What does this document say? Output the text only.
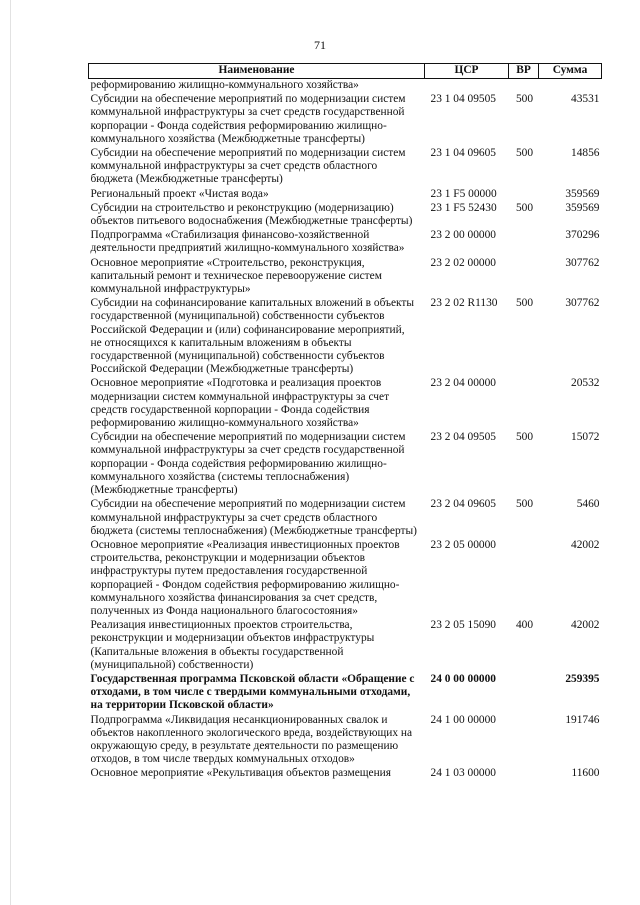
71
Наименование	ЦСР	ВР	Сумма
реформированию жилищно-коммунального хозяйства»			
Субсидии на обеспечение мероприятий по модернизации систем коммунальной инфраструктуры за счет средств государственной корпорации - Фонда содействия реформированию жилищно-коммунального хозяйства (Межбюджетные трансферты)	23 1 04 09505	500	43531
Субсидии на обеспечение мероприятий по модернизации систем коммунальной инфраструктуры за счет средств областного бюджета (Межбюджетные трансферты)	23 1 04 09605	500	14856
Региональный проект «Чистая вода»	23 1 F5 00000		359569
Субсидии на строительство и реконструкцию (модернизацию) объектов питьевого водоснабжения (Межбюджетные трансферты)	23 1 F5 52430	500	359569
Подпрограмма «Стабилизация финансово-хозяйственной деятельности предприятий жилищно-коммунального хозяйства»	23 2 00 00000		370296
Основное мероприятие «Строительство, реконструкция, капитальный ремонт и техническое перевооружение систем коммунальной инфраструктуры»	23 2 02 00000		307762
Субсидии на софинансирование капитальных вложений в объекты государственной (муниципальной) собственности субъектов Российской Федерации и (или) софинансирование мероприятий, не относящихся к капитальным вложениям в объекты государственной (муниципальной) собственности субъектов Российской Федерации (Межбюджетные трансферты)	23 2 02 R1130	500	307762
Основное мероприятие «Подготовка и реализация проектов модернизации систем коммунальной инфраструктуры за счет средств государственной корпорации - Фонда содействия реформированию жилищно-коммунального хозяйства»	23 2 04 00000		20532
Субсидии на обеспечение мероприятий по модернизации систем коммунальной инфраструктуры за счет средств государственной корпорации - Фонда содействия реформированию жилищно-коммунального хозяйства (системы теплоснабжения) (Межбюджетные трансферты)	23 2 04 09505	500	15072
Субсидии на обеспечение мероприятий по модернизации систем коммунальной инфраструктуры за счет средств областного бюджета (системы теплоснабжения) (Межбюджетные трансферты)	23 2 04 09605	500	5460
Основное мероприятие «Реализация инвестиционных проектов строительства, реконструкции и модернизации объектов инфраструктуры путем предоставления государственной корпорацией - Фондом содействия реформированию жилищно-коммунального хозяйства финансирования за счет средств, полученных из Фонда национального благосостояния»	23 2 05 00000		42002
Реализация инвестиционных проектов строительства, реконструкции и модернизации объектов инфраструктуры (Капитальные вложения в объекты государственной (муниципальной) собственности)	23 2 05 15090	400	42002
Государственная программа Псковской области «Обращение с отходами, в том числе с твердыми коммунальными отходами, на территории Псковской области»	24 0 00 00000		259395
Подпрограмма «Ликвидация несанкционированных свалок и объектов накопленного экологического вреда, воздействующих на окружающую среду, в результате деятельности по размещению отходов, в том числе твердых коммунальных отходов»	24 1 00 00000		191746
Основное мероприятие «Рекультивация объектов размещения	24 1 03 00000		11600
